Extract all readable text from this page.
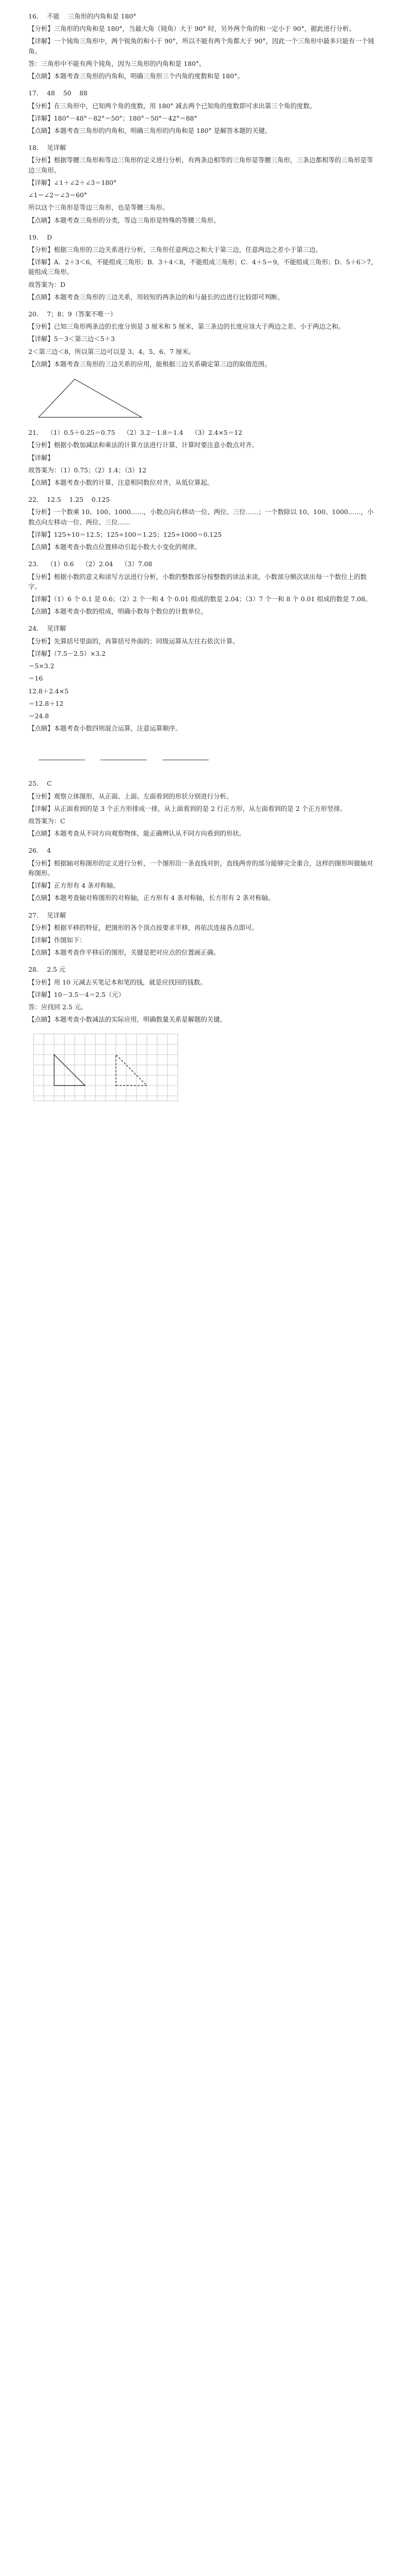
16．  不能    三角形的内角和是 180°
【分析】三角形的内角和是 180°，当最大角（钝角）大于 90° 时，另外两个角的和一定小于 90°，据此进行分析。
【详解】一个钝角三角形中，两个锐角的和小于 90°，所以不能有两个角都大于 90°，因此一个三角形中最多只能有一个钝角。
答：三角形中不能有两个钝角，因为三角形的内角和是 180°。
【点睛】本题考查三角形的内角和，明确三角形三个内角的度数和是 180°。
17．  48    50    88
【分析】在三角形中，已知两个角的度数，用 180° 减去两个已知角的度数即可求出第三个角的度数。
【详解】180°－48°－82°＝50°；180°－50°－42°＝88°
【点睛】本题考查三角形的内角和，明确三角形的内角和是 180° 是解答本题的关键。
18．  见详解
【分析】根据等腰三角形和等边三角形的定义进行分析，有两条边相等的三角形是等腰三角形，三条边都相等的三角形是等边三角形。
【详解】∠1＋∠2＋∠3＝180°
∠1＝∠2＝∠3＝60°
所以这个三角形是等边三角形，也是等腰三角形。
【点睛】本题考查三角形的分类，等边三角形是特殊的等腰三角形。
19．  D
【分析】根据三角形的三边关系进行分析，三角形任意两边之和大于第三边，任意两边之差小于第三边。
【详解】A．2＋3＜6，不能组成三角形；B．3＋4＜8，不能组成三角形；C．4＋5＝9，不能组成三角形；D．5＋6＞7，能组成三角形。
故答案为：D
【点睛】本题考查三角形的三边关系，用较短的两条边的和与最长的边进行比较即可判断。
20．  7；8；9（答案不唯一）
【分析】已知三角形两条边的长度分别是 3 厘米和 5 厘米，第三条边的长度应该大于两边之差、小于两边之和。
【详解】5－3＜第三边＜5＋3
2＜第三边＜8，所以第三边可以是 3、4、5、6、7 厘米。
【点睛】本题考查三角形的三边关系的应用，能根据三边关系确定第三边的取值范围。
21．  （1）0.5＋0.25＝0.75    （2）3.2－1.8＝1.4    （3）2.4×5＝12
【分析】根据小数加减法和乘法的计算方法进行计算，计算时要注意小数点对齐。
【详解】
故答案为：（1）0.75；（2）1.4；（3）12
【点睛】本题考查小数的计算，注意相同数位对齐，从低位算起。
22．  12.5    1.25    0.125
【分析】一个数乘 10、100、1000……，小数点向右移动一位、两位、三位……；一个数除以 10、100、1000……，小数点向左移动一位、两位、三位……
【详解】125÷10＝12.5；125÷100＝1.25；125÷1000＝0.125
【点睛】本题考查小数点位置移动引起小数大小变化的规律。
23．  （1）0.6    （2）2.04    （3）7.08
【分析】根据小数的意义和读写方法进行分析，小数的整数部分按整数的读法来读，小数部分顺次读出每一个数位上的数字。
【详解】（1）6 个 0.1 是 0.6；（2）2 个一和 4 个 0.01 组成的数是 2.04；（3）7 个一和 8 个 0.01 组成的数是 7.08。
【点睛】本题考查小数的组成，明确小数每个数位的计数单位。
24．  见详解
【分析】先算括号里面的，再算括号外面的；同级运算从左往右依次计算。
【详解】（7.5－2.5）×3.2
＝5×3.2
＝16
12.8＋2.4×5
＝12.8＋12
＝24.8
【点睛】本题考查小数四则混合运算，注意运算顺序。
25．  C
【分析】观察立体图形，从正面、上面、左面看到的形状分别进行分析。
【详解】从正面看到的是 3 个正方形排成一排，从上面看到的是 2 行正方形，从左面看到的是 2 个正方形竖排。
故答案为：C
【点睛】本题考查从不同方向观察物体，能正确辨认从不同方向看到的形状。
26．  4
【分析】根据轴对称图形的定义进行分析，一个图形沿一条直线对折，直线两旁的部分能够完全重合，这样的图形叫做轴对称图形。
【详解】正方形有 4 条对称轴。
【点睛】本题考查轴对称图形的对称轴，正方形有 4 条对称轴，长方形有 2 条对称轴。
27．  见详解
【分析】根据平移的特征，把图形的各个顶点按要求平移，再依次连接各点即可。
【详解】作图如下：
【点睛】本题考查作平移后的图形，关键是把对应点的位置画正确。
28．  2.5 元
【分析】用 10 元减去买笔记本和笔的钱，就是应找回的钱数。
【详解】10－3.5－4＝2.5（元）
答：应找回 2.5 元。
【点睛】本题考查小数减法的实际应用，明确数量关系是解题的关键。
